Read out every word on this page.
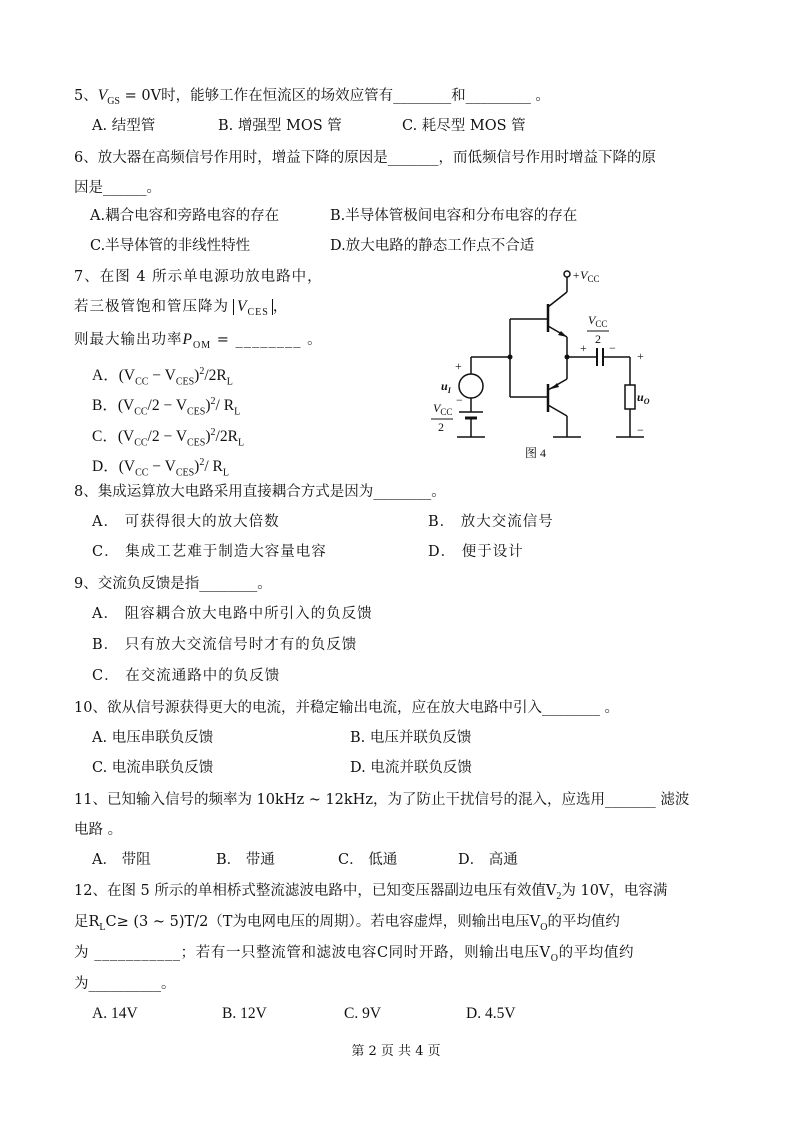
5、$V_{GS} = 0V$时，能够工作在恒流区的场效应管有________和_________ 。
A. 结型管	B. 增强型 MOS 管	C. 耗尽型 MOS 管
6、放大器在高频信号作用时，增益下降的原因是_______，而低频信号作用时增益下降的原
因是______。
A.耦合电容和旁路电容的存在	B.半导体管极间电容和分布电容的存在
C.半导体管的非线性特性	D.放大电路的静态工作点不合适
7、在图 4 所示单电源功放电路中，
若三极管饱和管压降为 $V_{CES}$ ，
则最大输出功率$P_{OM}$ = ________ 。
A．$(V_{CC} - V_{CES})^2/2R_L$
B．$(V_{CC}/2 - V_{CES})^2/$ $R_L$
C．$(V_{CC}/2 - V_{CES})^2/2R_L$
D．$(V_{CC} - V_{CES})^2/$ $R_L$
$+V_{CC}$
$V_{CC}$
2
+ −
+
−
$u_O$
+
−
$u_I$
$V_{CC}$
2
图 4
8、集成运算放大电路采用直接耦合方式是因为________。
A． 可获得很大的放大倍数	B． 放大交流信号
C． 集成工艺难于制造大容量电容	D． 便于设计
9、交流负反馈是指________。
A． 阻容耦合放大电路中所引入的负反馈
B． 只有放大交流信号时才有的负反馈
C． 在交流通路中的负反馈
10、欲从信号源获得更大的电流，并稳定输出电流，应在放大电路中引入________ 。
A. 电压串联负反馈	B. 电压并联负反馈
C. 电流串联负反馈	D. 电流并联负反馈
11、已知输入信号的频率为 10kHz ~ 12kHz，为了防止干扰信号的混入，应选用_______ 滤波
电路 。
A． 带阻	B． 带通	C． 低通	D． 高通
12、在图 5 所示的单相桥式整流滤波电路中，已知变压器副边电压有效值$V_2$为 10V，电容满
足$R_LC\ge (3$ ~ 5)T/2（T为电网电压的周期）。若电容虚焊，则输出电压$V_O$的平均值约
为 ___________；若有一只整流管和滤波电容C同时开路，则输出电压$V_O$的平均值约
为__________。
A. 14V	B. 12V	C. 9V	D. 4.5V
第 2 页 共 4 页
